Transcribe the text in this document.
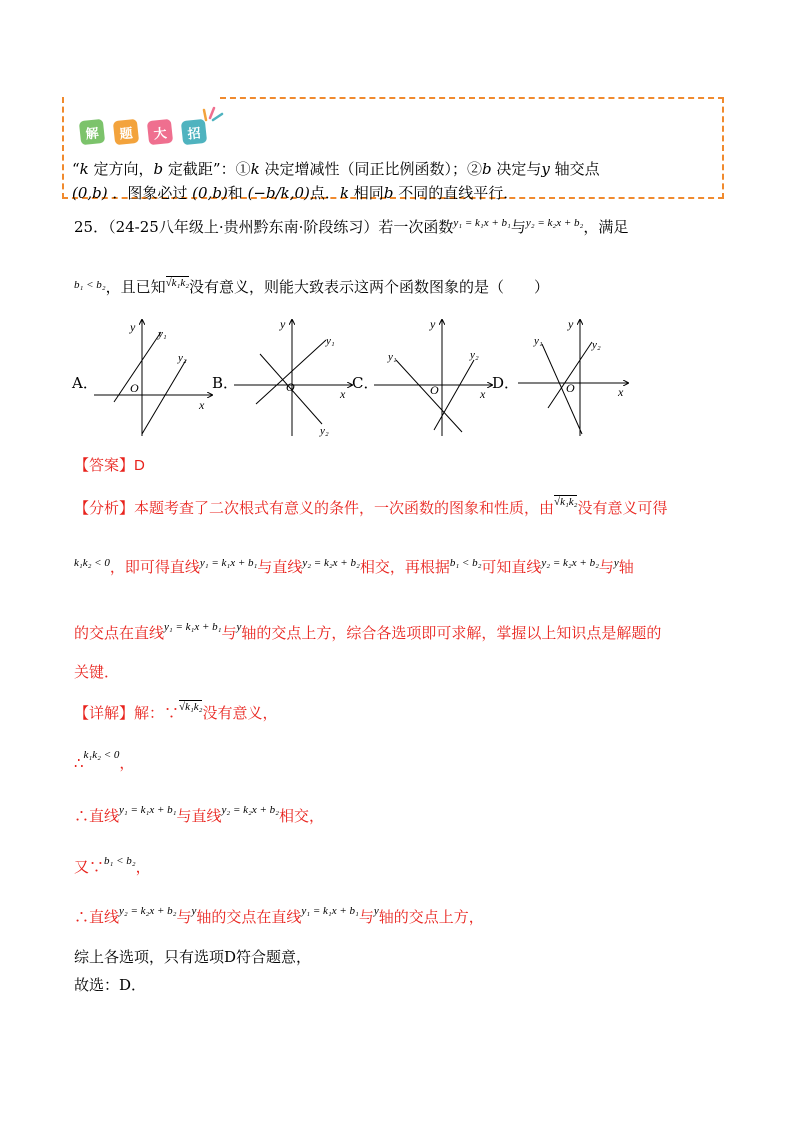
解	题	大	招
“k 定方向，b 定截距”：①k 决定增减性（同正比例函数）；②b 决定与y 轴交点
(0,b) ．图象必过 (0,b)和 (−b/k,0)点．k 相同b 不同的直线平行．
25．（24-25八年级上·贵州黔东南·阶段练习）若一次函数$^{y_1 = k_1x + b_1}$与$^{y_2 = k_2x + b_2}$，满足
$^{b_1 < b_2}$，且已知$^{√k_1k_2}$没有意义，则能大致表示这两个函数图象的是（　　）
A．
y y₁
y₂
O
x
B．
y
y₁
y₂
O	x
C．
y
y₁	y₂
O	x
D．
y
y₁	y₂
O	x
【答案】D
【分析】本题考查了二次根式有意义的条件，一次函数的图象和性质，由$^{√k_1k_2}$没有意义可得
$^{k_1k_2 < 0}$，即可得直线$^{y_1 = k_1x + b_1}$与直线$^{y_2 = k_2x + b_2}$相交，再根据$^{b_1 < b_2}$可知直线$^{y_2 = k_2x + b_2}$与$^y$轴
的交点在直线$^{y_1 = k_1x + b_1}$与$^y$轴的交点上方，综合各选项即可求解，掌握以上知识点是解题的
关键．
【详解】解：∵$^{√k_1k_2}$没有意义，
∴$^{k_1k_2 < 0}$，
∴直线$^{y_1 = k_1x + b_1}$与直线$^{y_2 = k_2x + b_2}$相交，
又∵$^{b_1 < b_2}$，
∴直线$^{y_2 = k_2x + b_2}$与$^y$轴的交点在直线$^{y_1 = k_1x + b_1}$与$^y$轴的交点上方，
综上各选项，只有选项D符合题意，
故选：D．
